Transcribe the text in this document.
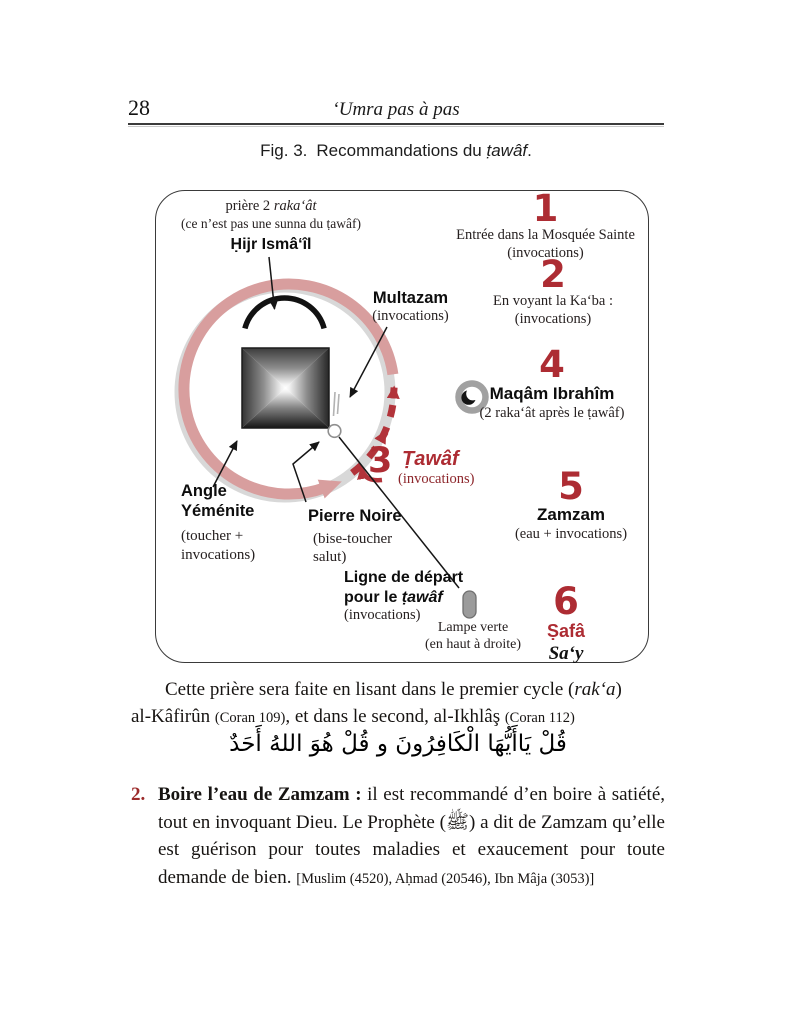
28	‘Umra pas à pas
Fig. 3. Recommandations du ṭawâf.
prière 2 raka‘ât
(ce n’est pas une sunna du ṭawâf)
Ḥijr Ismâ‘îl
1
Entrée dans la Mosquée Sainte
(invocations)
2
En voyant la Ka‘ba :
(invocations)
Multazam
(invocations)
4
Maqâm Ibrahîm
(2 raka‘ât après le ṭawâf)
3 Ṭawâf
(invocations)
Angle
Yéménite
(toucher +
invocations)
Pierre Noire
(bise-toucher
salut)
5
Zamzam
(eau + invocations)
Ligne de départ
pour le ṭawâf
(invocations)
Lampe verte
(en haut à droite)
6
Ṣafâ
Sa‘y
Cette prière sera faite en lisant dans le premier cycle (rak‘a)
al-Kâfirûn (Coran 109), et dans le second, al-Ikhlâş (Coran 112)
قُلْ يَاأَيُّهَا الْكَافِرُونَ و قُلْ هُوَ اللهُ أَحَدٌ
2. Boire l’eau de Zamzam : il est recommandé d’en boire à satiété, tout en invoquant Dieu. Le Prophète (ﷺ) a dit de Zamzam qu’elle est guérison pour toutes maladies et exaucement pour toute demande de bien. [Muslim (4520), Aḥmad (20546), Ibn Mâja (3053)]
